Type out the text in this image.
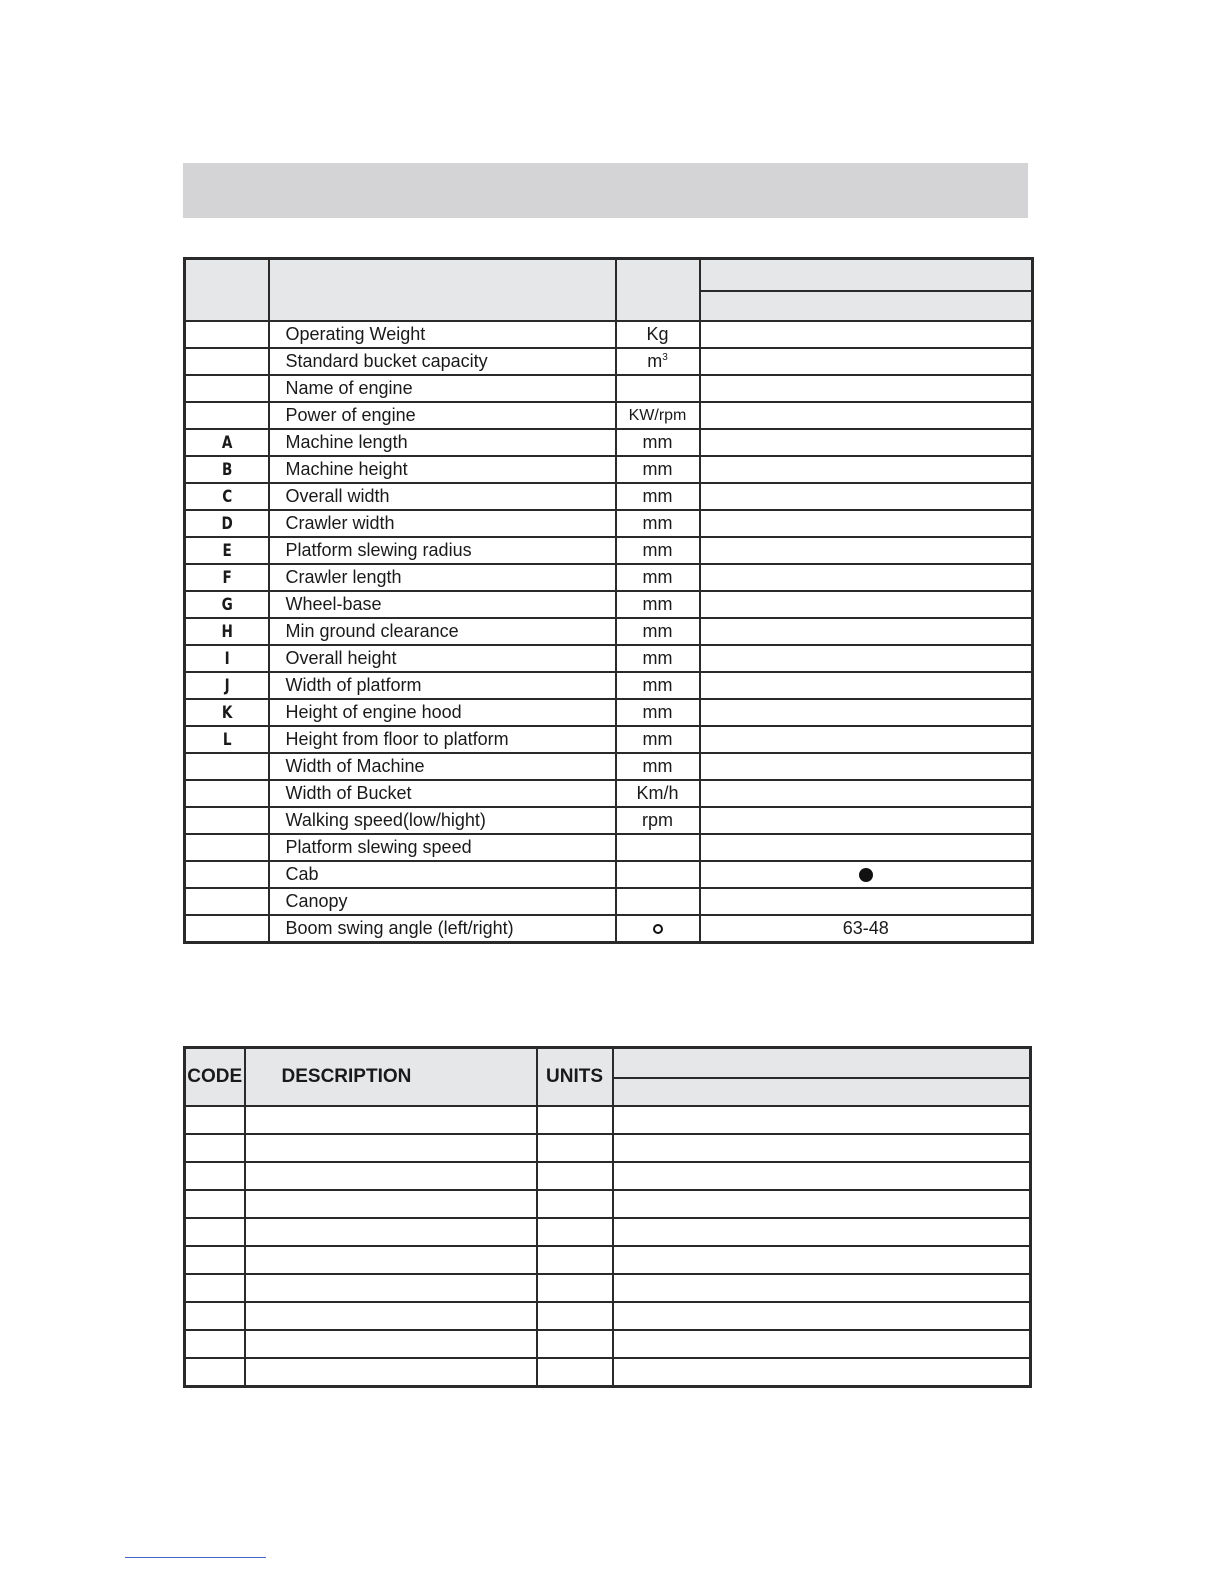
	Operating Weight	Kg	
	Standard bucket capacity	$m^3$	
	Name of engine		
	Power of engine	KW/rpm	
A	Machine length	mm	
B	Machine height	mm	
C	Overall width	mm	
D	Crawler width	mm	
E	Platform slewing radius	mm	
F	Crawler length	mm	
G	Wheel-base	mm	
H	Min ground clearance	mm	
I	Overall height	mm	
J	Width of platform	mm	
K	Height of engine hood	mm	
L	Height from floor to platform	mm	
	Width of Machine	mm	
	Width of Bucket	Km/h	
	Walking speed(low/hight)	rpm	
	Platform slewing speed		
	Cab		
	Canopy		
	Boom swing angle (left/right)		63-48
CODE	DESCRIPTION	UNITS	
